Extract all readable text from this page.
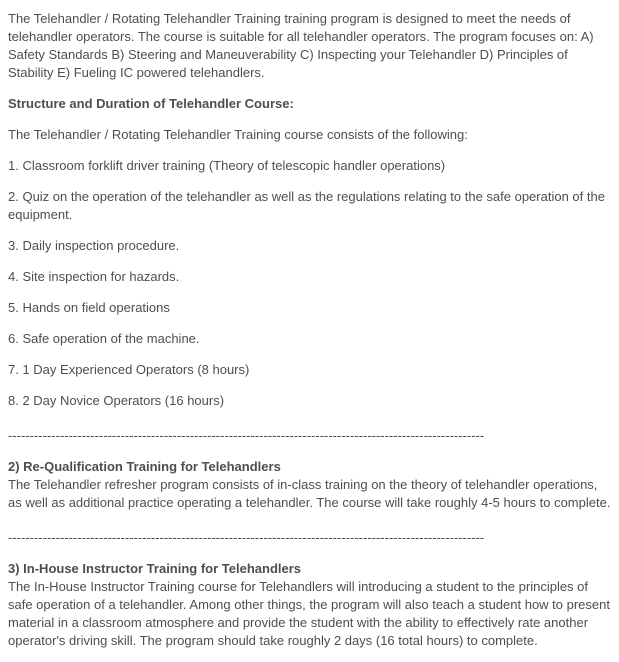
The Telehandler / Rotating Telehandler Training training program is designed to meet the needs of telehandler operators. The course is suitable for all telehandler operators. The program focuses on: A) Safety Standards B) Steering and Maneuverability C) Inspecting your Telehandler D) Principles of Stability E) Fueling IC powered telehandlers.

Structure and Duration of Telehandler Course:

The Telehandler / Rotating Telehandler Training course consists of the following:

1. Classroom forklift driver training (Theory of telescopic handler operations)

2. Quiz on the operation of the telehandler as well as the regulations relating to the safe operation of the equipment.

3. Daily inspection procedure.

4. Site inspection for hazards.

5. Hands on field operations

6. Safe operation of the machine.

7. 1 Day Experienced Operators (8 hours)

8. 2 Day Novice Operators (16 hours)

--------------------------------------------------------------------------------------------------------------

2) Re-Qualification Training for Telehandlers
The Telehandler refresher program consists of in-class training on the theory of telehandler operations, as well as additional practice operating a telehandler. The course will take roughly 4-5 hours to complete.

--------------------------------------------------------------------------------------------------------------

3) In-House Instructor Training for Telehandlers
The In-House Instructor Training course for Telehandlers will introducing a student to the principles of safe operation of a telehandler. Among other things, the program will also teach a student how to present material in a classroom atmosphere and provide the student with the ability to effectively rate another operator's driving skill. The program should take roughly 2 days (16 total hours) to complete.
